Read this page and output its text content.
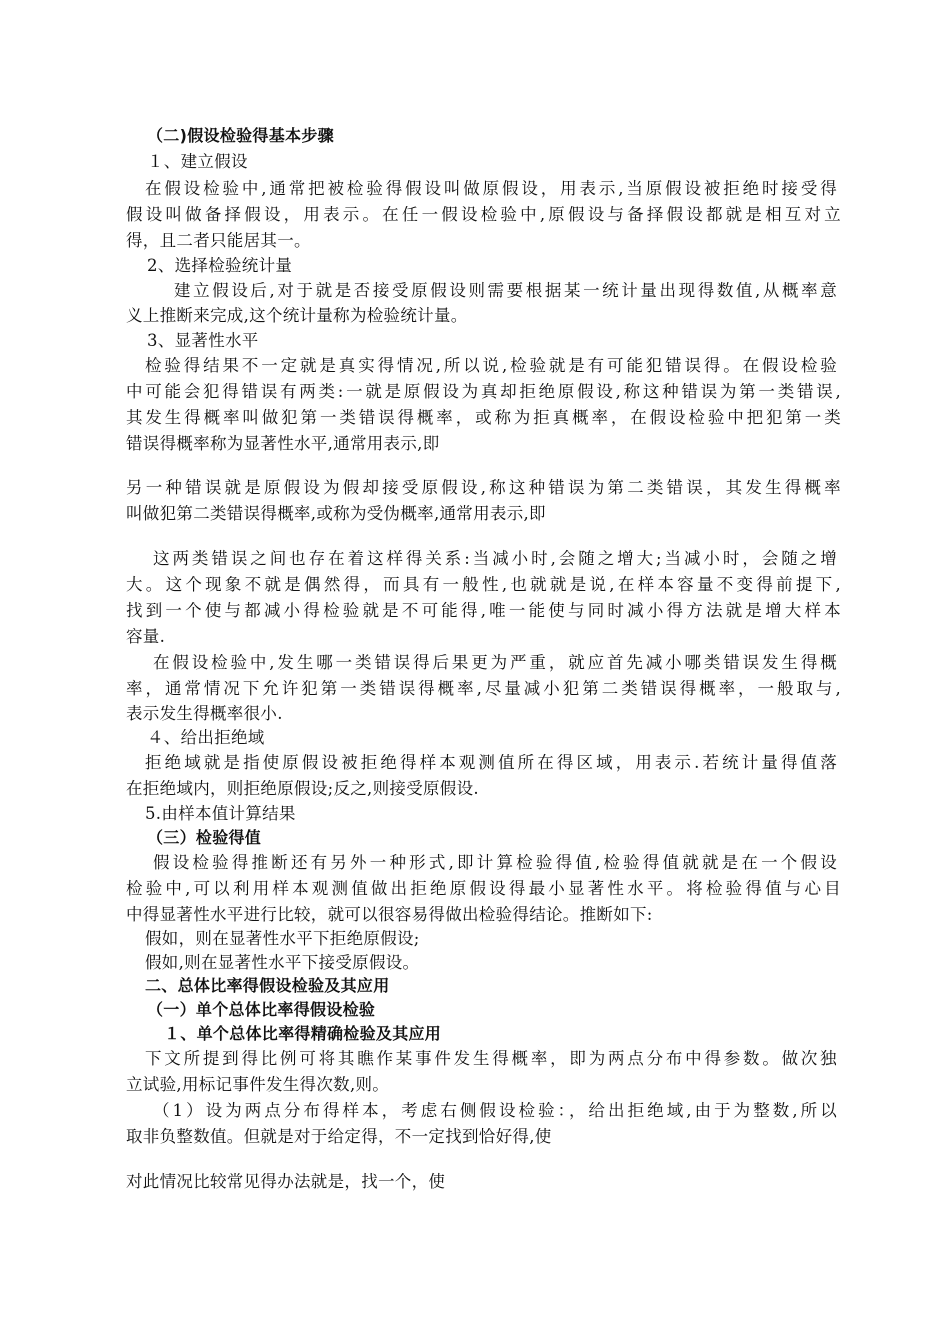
（二)假设检验得基本步骤
１、建立假设
在假设检验中,通常把被检验得假设叫做原假设，用表示,当原假设被拒绝时接受得
假设叫做备择假设，用表示。在任一假设检验中,原假设与备择假设都就是相互对立
得，且二者只能居其一。
2、选择检验统计量
建立假设后,对于就是否接受原假设则需要根据某一统计量出现得数值,从概率意
义上推断来完成,这个统计量称为检验统计量。
3、显著性水平
检验得结果不一定就是真实得情况,所以说,检验就是有可能犯错误得。在假设检验
中可能会犯得错误有两类:一就是原假设为真却拒绝原假设,称这种错误为第一类错误,
其发生得概率叫做犯第一类错误得概率，或称为拒真概率，在假设检验中把犯第一类
错误得概率称为显著性水平,通常用表示,即
另一种错误就是原假设为假却接受原假设,称这种错误为第二类错误，其发生得概率
叫做犯第二类错误得概率,或称为受伪概率,通常用表示,即
这两类错误之间也存在着这样得关系:当减小时,会随之增大;当减小时，会随之增
大。这个现象不就是偶然得，而具有一般性,也就就是说,在样本容量不变得前提下,
找到一个使与都减小得检验就是不可能得,唯一能使与同时减小得方法就是增大样本
容量.
在假设检验中,发生哪一类错误得后果更为严重，就应首先减小哪类错误发生得概
率，通常情况下允许犯第一类错误得概率,尽量减小犯第二类错误得概率，一般取与,
表示发生得概率很小.
４、给出拒绝域
拒绝域就是指使原假设被拒绝得样本观测值所在得区域，用表示.若统计量得值落
在拒绝域内，则拒绝原假设;反之,则接受原假设.
5.由样本值计算结果
（三）检验得值
假设检验得推断还有另外一种形式,即计算检验得值,检验得值就就是在一个假设
检验中,可以利用样本观测值做出拒绝原假设得最小显著性水平。将检验得值与心目
中得显著性水平进行比较，就可以很容易得做出检验得结论。推断如下:
假如，则在显著性水平下拒绝原假设;
假如,则在显著性水平下接受原假设。
二、总体比率得假设检验及其应用
（一）单个总体比率得假设检验
１、单个总体比率得精确检验及其应用
下文所提到得比例可将其瞧作某事件发生得概率，即为两点分布中得参数。做次独
立试验,用标记事件发生得次数,则。
（1）设为两点分布得样本，考虑右侧假设检验：，给出拒绝域,由于为整数,所以
取非负整数值。但就是对于给定得，不一定找到恰好得,使
对此情况比较常见得办法就是，找一个，使
